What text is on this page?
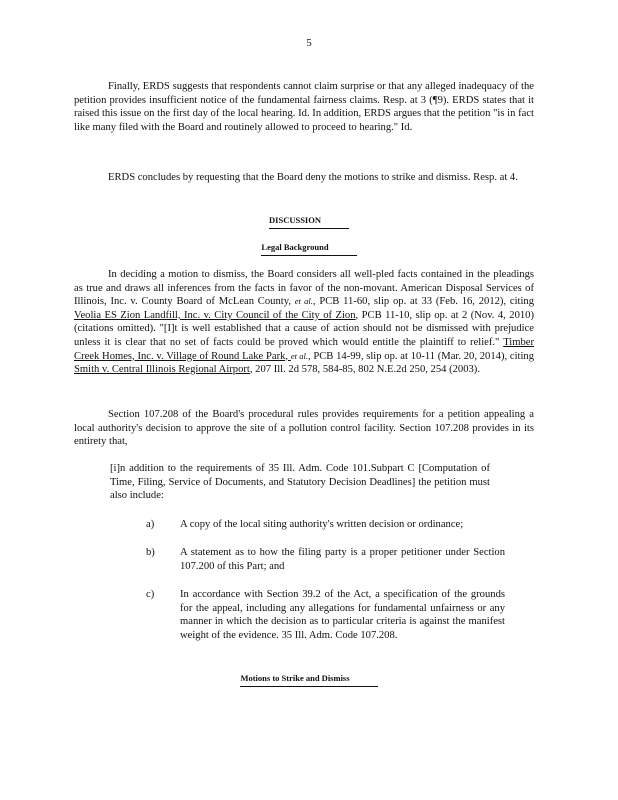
5

Finally, ERDS suggests that respondents cannot claim surprise or that any alleged inadequacy of the petition provides insufficient notice of the fundamental fairness claims. Resp. at 3 (¶9). ERDS states that it raised this issue on the first day of the local hearing. Id. In addition, ERDS argues that the petition "is in fact like many filed with the Board and routinely allowed to proceed to hearing." Id.

ERDS concludes by requesting that the Board deny the motions to strike and dismiss. Resp. at 4.

DISCUSSION
Legal Background

In deciding a motion to dismiss, the Board considers all well-pled facts contained in the pleadings as true and draws all inferences from the facts in favor of the non-movant. American Disposal Services of Illinois, Inc. v. County Board of McLean County, et al., PCB 11-60, slip op. at 33 (Feb. 16, 2012), citing Veolia ES Zion Landfill, Inc. v. City Council of the City of Zion, PCB 11-10, slip op. at 2 (Nov. 4, 2010) (citations omitted). "[I]t is well established that a cause of action should not be dismissed with prejudice unless it is clear that no set of facts could be proved which would entitle the plaintiff to relief." Timber Creek Homes, Inc. v. Village of Round Lake Park, et al., PCB 14-99, slip op. at 10-11 (Mar. 20, 2014), citing Smith v. Central Illinois Regional Airport, 207 Ill. 2d 578, 584-85, 802 N.E.2d 250, 254 (2003).

Section 107.208 of the Board's procedural rules provides requirements for a petition appealing a local authority's decision to approve the site of a pollution control facility. Section 107.208 provides in its entirety that,

[i]n addition to the requirements of 35 Ill. Adm. Code 101.Subpart C [Computation of Time, Filing, Service of Documents, and Statutory Decision Deadlines] the petition must also include:

a) A copy of the local siting authority's written decision or ordinance;
b) A statement as to how the filing party is a proper petitioner under Section 107.200 of this Part; and
c) In accordance with Section 39.2 of the Act, a specification of the grounds for the appeal, including any allegations for fundamental unfairness or any manner in which the decision as to particular criteria is against the manifest weight of the evidence. 35 Ill. Adm. Code 107.208.
Motions to Strike and Dismiss
